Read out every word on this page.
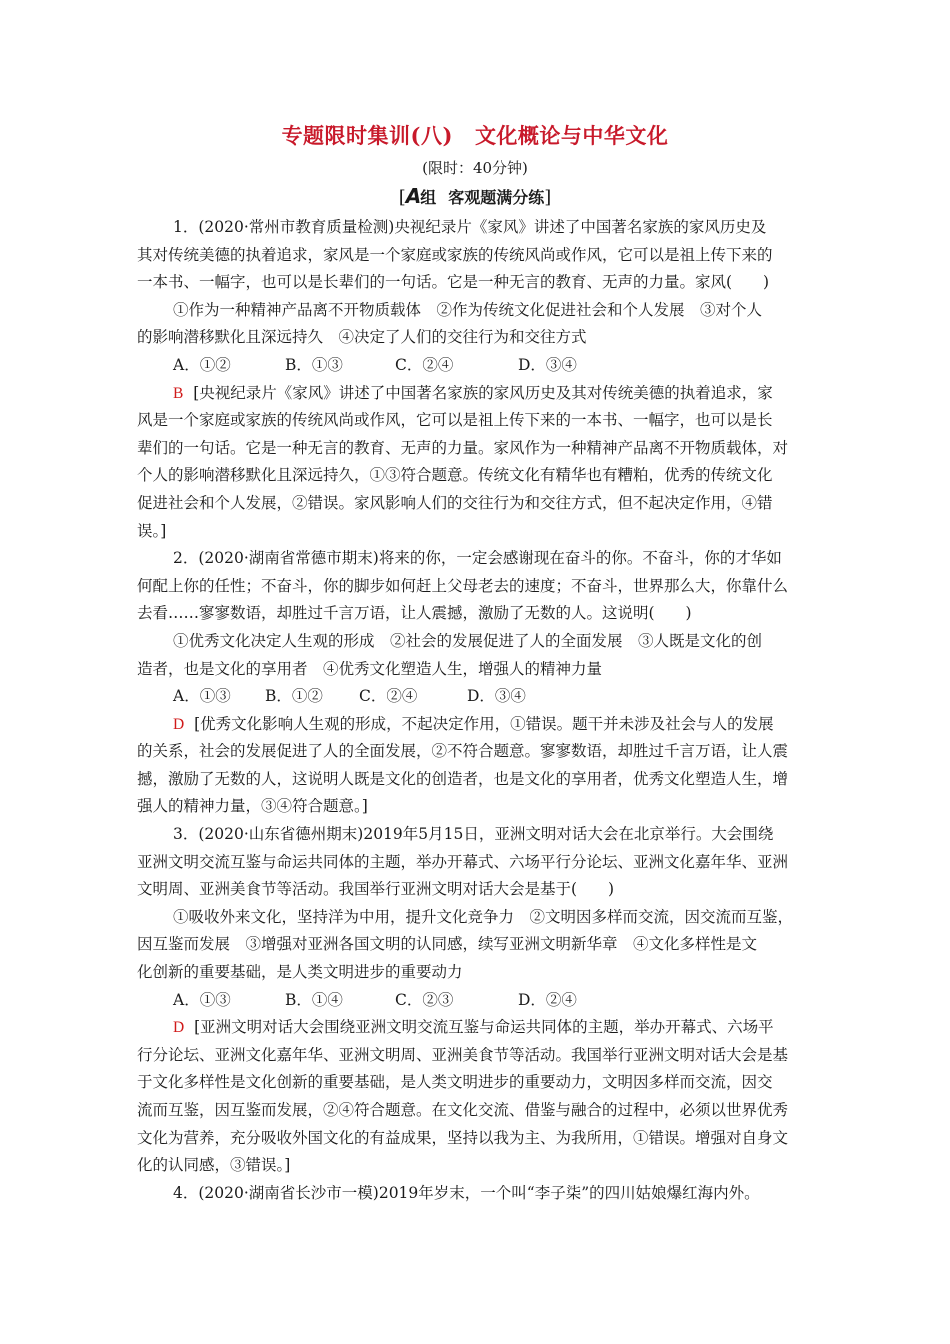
专题限时集训(八) 文化概论与中华文化
(限时：40分钟)
[A组 客观题满分练]
1．(2020·常州市教育质量检测)央视纪录片《家风》讲述了中国著名家族的家风历史及
其对传统美德的执着追求，家风是一个家庭或家族的传统风尚或作风，它可以是祖上传下来的
一本书、一幅字，也可以是长辈们的一句话。它是一种无言的教育、无声的力量。家风(　　)
①作为一种精神产品离不开物质载体　②作为传统文化促进社会和个人发展　③对个人
的影响潜移默化且深远持久　④决定了人们的交往行为和交往方式
A．①②	B．①③	C．②④	D．③④
B [央视纪录片《家风》讲述了中国著名家族的家风历史及其对传统美德的执着追求，家
风是一个家庭或家族的传统风尚或作风，它可以是祖上传下来的一本书、一幅字，也可以是长
辈们的一句话。它是一种无言的教育、无声的力量。家风作为一种精神产品离不开物质载体，对
个人的影响潜移默化且深远持久，①③符合题意。传统文化有精华也有糟粕，优秀的传统文化
促进社会和个人发展，②错误。家风影响人们的交往行为和交往方式，但不起决定作用，④错
误。]
2．(2020·湖南省常德市期末)将来的你，一定会感谢现在奋斗的你。不奋斗，你的才华如
何配上你的任性；不奋斗，你的脚步如何赶上父母老去的速度；不奋斗，世界那么大，你靠什么
去看……寥寥数语，却胜过千言万语，让人震撼，激励了无数的人。这说明(　　)
①优秀文化决定人生观的形成　②社会的发展促进了人的全面发展　③人既是文化的创
造者，也是文化的享用者　④优秀文化塑造人生，增强人的精神力量
A．①③ B．①② C．②④	D．③④
D [优秀文化影响人生观的形成，不起决定作用，①错误。题干并未涉及社会与人的发展
的关系，社会的发展促进了人的全面发展，②不符合题意。寥寥数语，却胜过千言万语，让人震
撼，激励了无数的人，这说明人既是文化的创造者，也是文化的享用者，优秀文化塑造人生，增
强人的精神力量，③④符合题意。]
3．(2020·山东省德州期末)2019年5月15日，亚洲文明对话大会在北京举行。大会围绕
亚洲文明交流互鉴与命运共同体的主题，举办开幕式、六场平行分论坛、亚洲文化嘉年华、亚洲
文明周、亚洲美食节等活动。我国举行亚洲文明对话大会是基于(　　)
①吸收外来文化，坚持洋为中用，提升文化竞争力　②文明因多样而交流，因交流而互鉴，
因互鉴而发展　③增强对亚洲各国文明的认同感，续写亚洲文明新华章　④文化多样性是文
化创新的重要基础，是人类文明进步的重要动力
A．①③	B．①④	C．②③	D．②④
D [亚洲文明对话大会围绕亚洲文明交流互鉴与命运共同体的主题，举办开幕式、六场平
行分论坛、亚洲文化嘉年华、亚洲文明周、亚洲美食节等活动。我国举行亚洲文明对话大会是基
于文化多样性是文化创新的重要基础，是人类文明进步的重要动力，文明因多样而交流，因交
流而互鉴，因互鉴而发展，②④符合题意。在文化交流、借鉴与融合的过程中，必须以世界优秀
文化为营养，充分吸收外国文化的有益成果，坚持以我为主、为我所用，①错误。增强对自身文
化的认同感，③错误。]
4．(2020·湖南省长沙市一模)2019年岁末，一个叫“李子柒”的四川姑娘爆红海内外。
